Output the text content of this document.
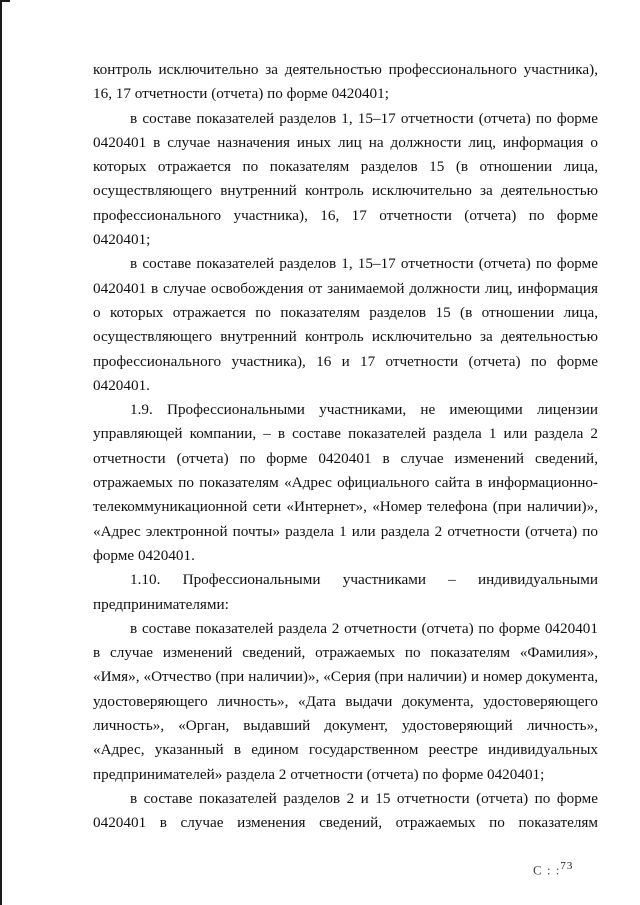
контроль исключительно за деятельностью профессионального участника), 16, 17 отчетности (отчета) по форме 0420401;

в составе показателей разделов 1, 15–17 отчетности (отчета) по форме 0420401 в случае назначения иных лиц на должности лиц, информация о которых отражается по показателям разделов 15 (в отношении лица, осуществляющего внутренний контроль исключительно за деятельностью профессионального участника), 16, 17 отчетности (отчета) по форме 0420401;

в составе показателей разделов 1, 15–17 отчетности (отчета) по форме 0420401 в случае освобождения от занимаемой должности лиц, информация о которых отражается по показателям разделов 15 (в отношении лица, осуществляющего внутренний контроль исключительно за деятельностью профессионального участника), 16 и 17 отчетности (отчета) по форме 0420401.

1.9. Профессиональными участниками, не имеющими лицензии управляющей компании, – в составе показателей раздела 1 или раздела 2 отчетности (отчета) по форме 0420401 в случае изменений сведений, отражаемых по показателям «Адрес официального сайта в информационно-телекоммуникационной сети «Интернет», «Номер телефона (при наличии)», «Адрес электронной почты» раздела 1 или раздела 2 отчетности (отчета) по форме 0420401.

1.10. Профессиональными участниками – индивидуальными предпринимателями:

в составе показателей раздела 2 отчетности (отчета) по форме 0420401 в случае изменений сведений, отражаемых по показателям «Фамилия», «Имя», «Отчество (при наличии)», «Серия (при наличии) и номер документа, удостоверяющего личность», «Дата выдачи документа, удостоверяющего личность», «Орган, выдавший документ, удостоверяющий личность», «Адрес, указанный в едином государственном реестре индивидуальных предпринимателей» раздела 2 отчетности (отчета) по форме 0420401;

в составе показателей разделов 2 и 15 отчетности (отчета) по форме 0420401 в случае изменения сведений, отражаемых по показателям

С : :$^{73}$
